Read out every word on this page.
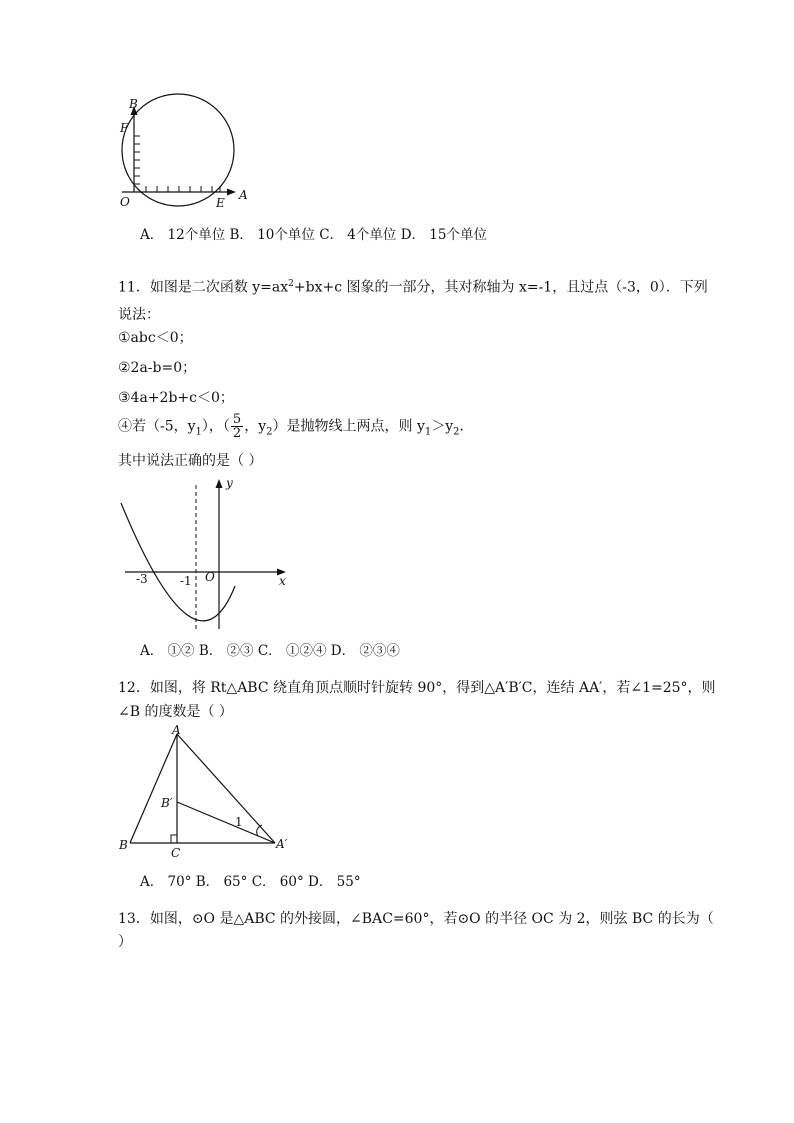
B
F
O	E
A
A． 12个单位 B． 10个单位 C． 4个单位 D． 15个单位
11．如图是二次函数 $y=ax^2+bx+c$ 图象的一部分，其对称轴为 x=-1，且过点（-3，0）．下列
说法：
①abc＜0；
②2a-b=0；
③4a+2b+c＜0；
④若（-5，$y_1$），（ $\frac{5}{2}$ ，$y_2$）是抛物线上两点，则 $y_1>y_2$．
其中说法正确的是（ ）
y
x
-3	-1 O
A． ①② B． ②③ C． ①②④ D． ②③④
12．如图，将 Rt△ABC 绕直角顶点顺时针旋转 90°，得到△A′B′C，连结 AA′，若∠1=25°，则
∠B 的度数是（ ）
A
B′
B
C
A′
1
A． 70° B． 65° C． 60° D． 55°
13．如图，⊙O 是△ABC 的外接圆，∠BAC=60°，若⊙O 的半径 OC 为 2，则弦 BC 的长为（
）
